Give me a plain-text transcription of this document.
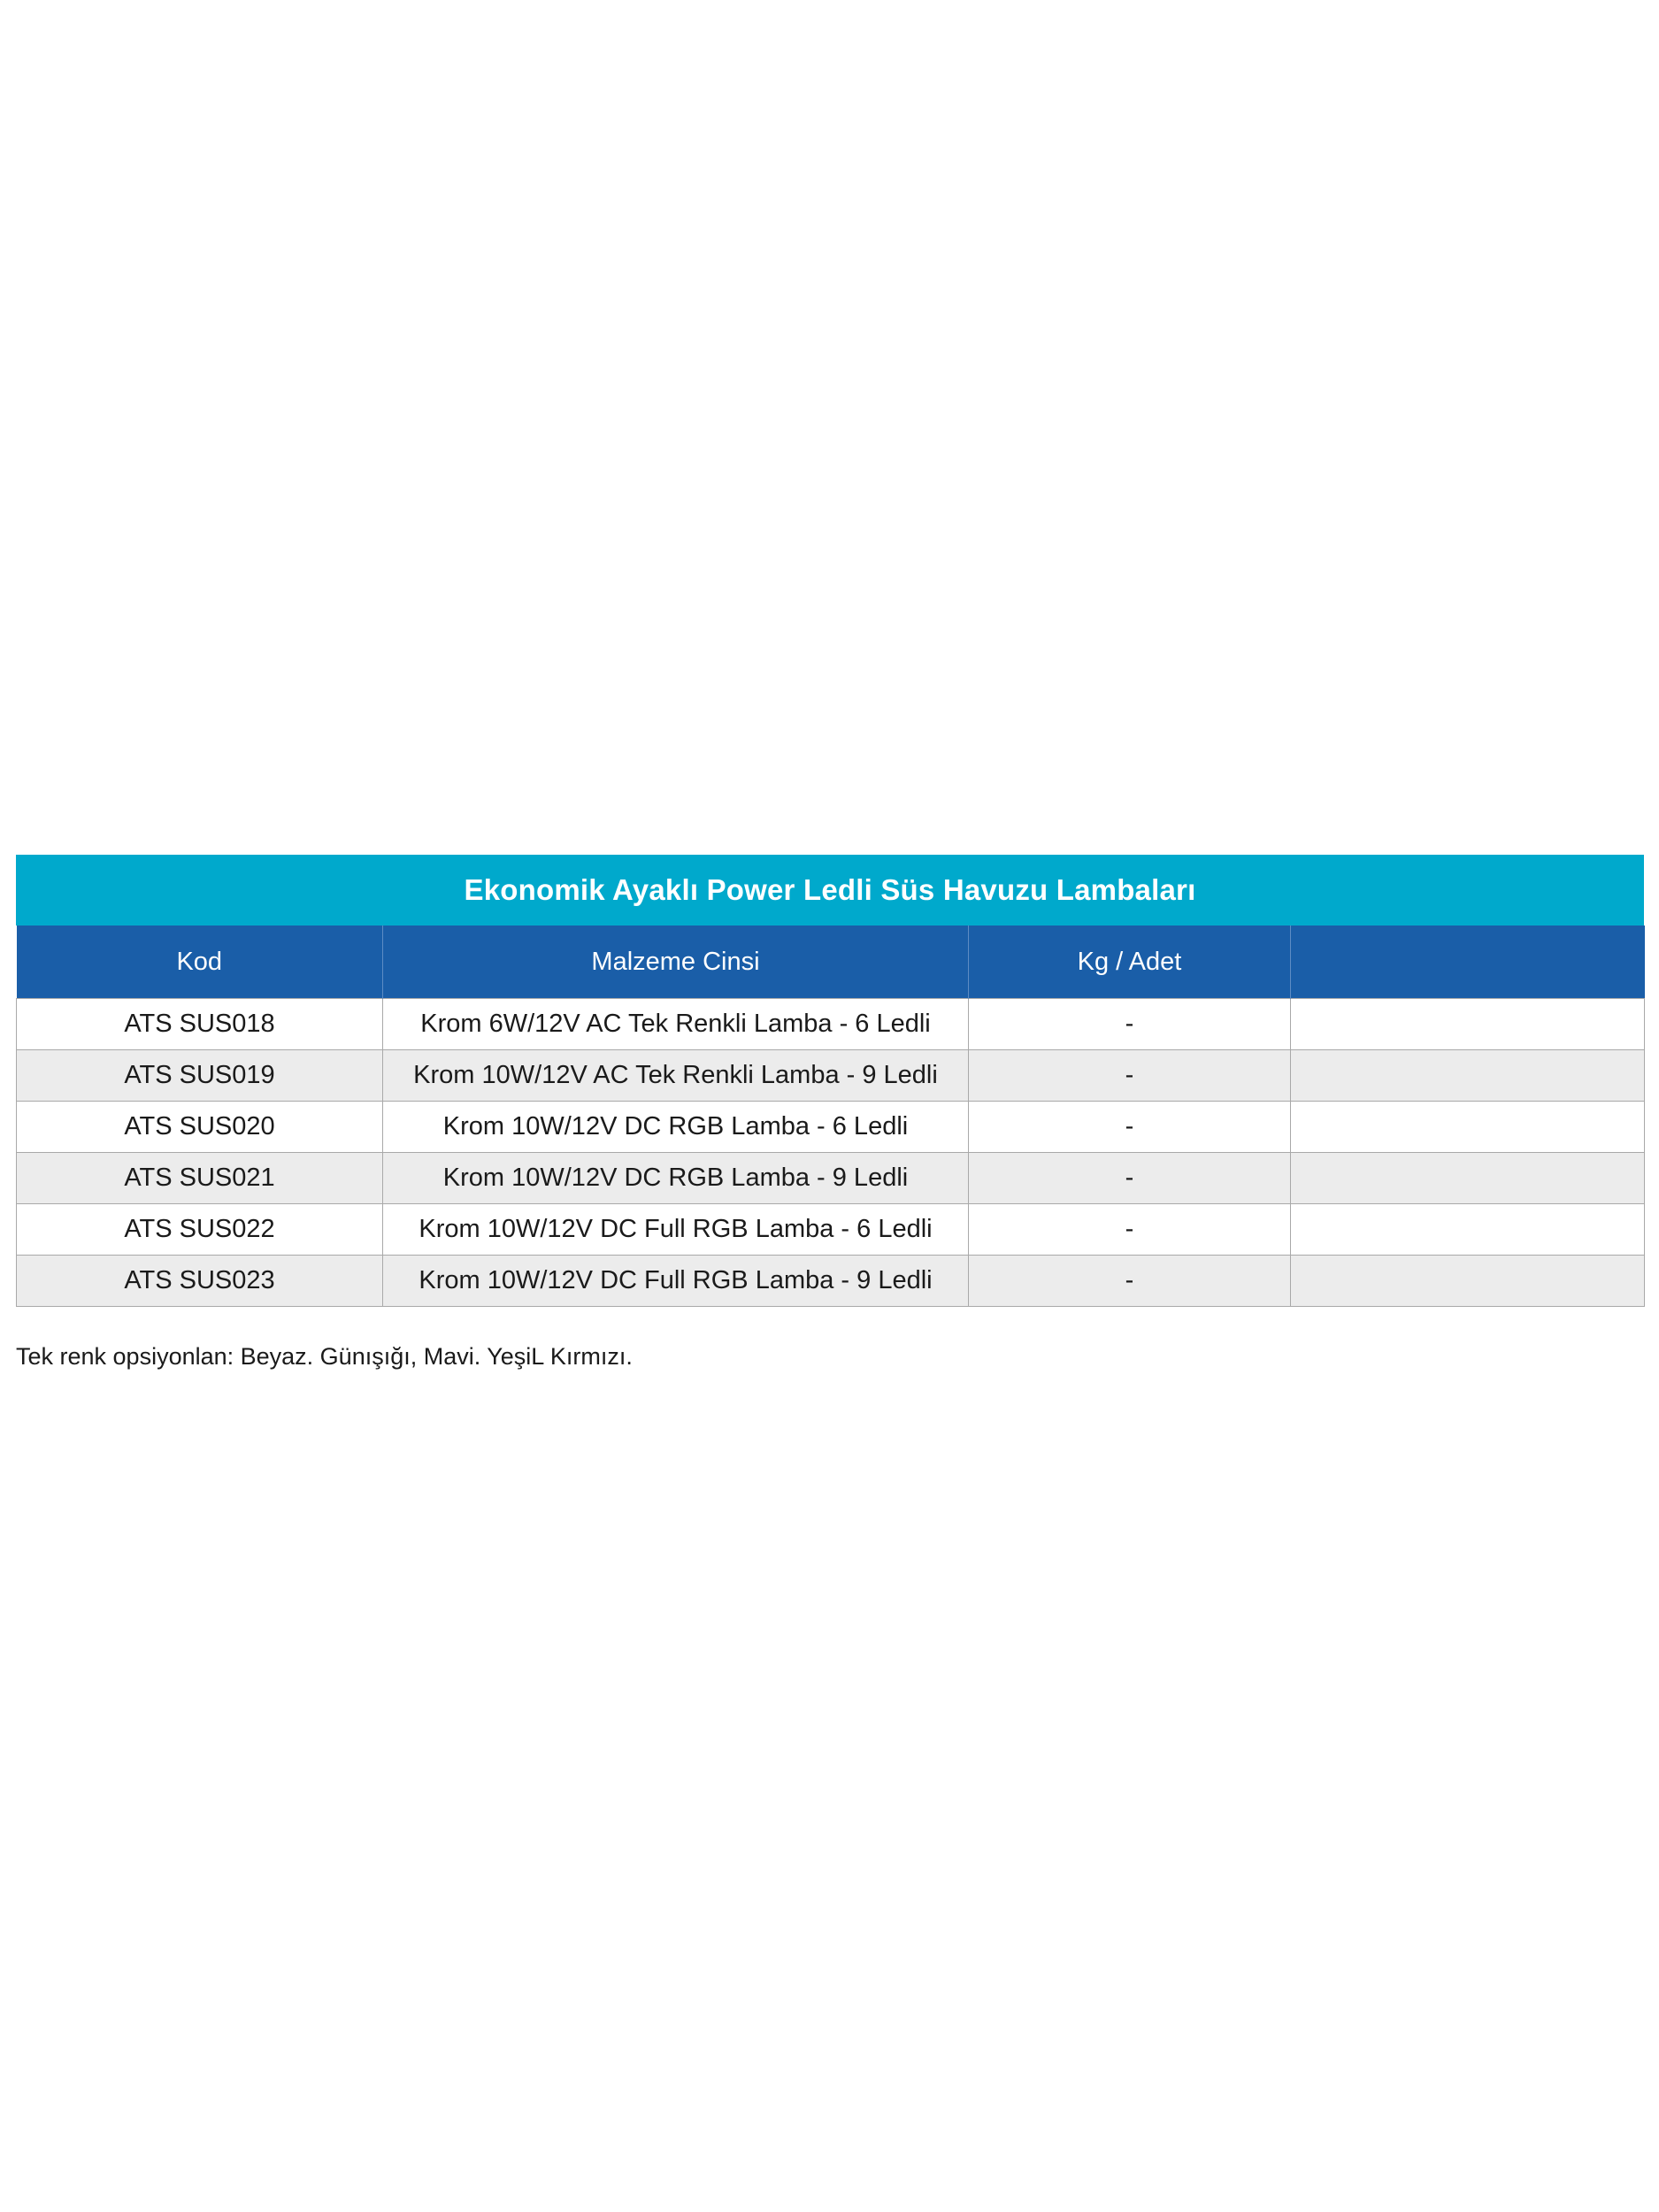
Ekonomik Ayaklı Power Ledli Süs Havuzu Lambaları
Kod	Malzeme Cinsi	Kg / Adet	
ATS SUS018	Krom 6W/12V AC Tek Renkli Lamba - 6 Ledli	-	
ATS SUS019	Krom 10W/12V AC Tek Renkli Lamba - 9 Ledli	-	
ATS SUS020	Krom 10W/12V DC RGB Lamba - 6 Ledli	-	
ATS SUS021	Krom 10W/12V DC RGB Lamba - 9 Ledli	-	
ATS SUS022	Krom 10W/12V DC Full RGB Lamba - 6 Ledli	-	
ATS SUS023	Krom 10W/12V DC Full RGB Lamba - 9 Ledli	-	
Tek renk opsiyonlan: Beyaz. Günışığı, Mavi. YeşiL Kırmızı.
